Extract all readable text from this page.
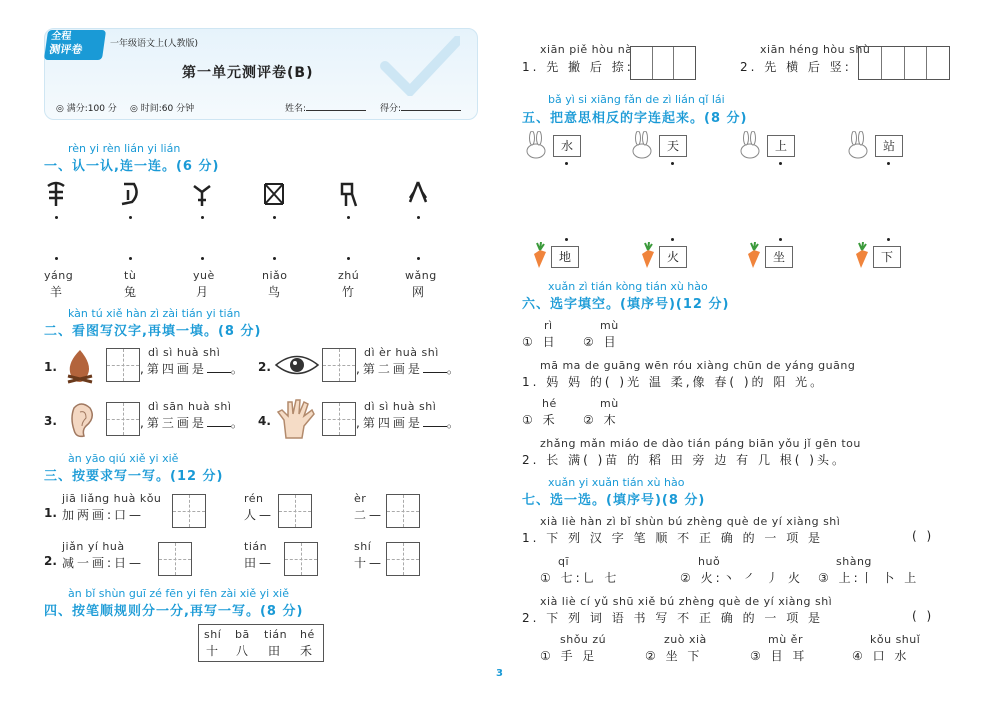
全程
测评卷	一年级语文上(人教版)
第一单元测评卷(B)
◎ 满分:100 分 ◎ 时间:60 分钟	姓名:	得分:
rèn yi rèn lián yi lián
一、认一认,连一连。(6 分)
yáng	tù	yuè	niǎo	zhú	wǎng
羊	兔	月	鸟	竹	网
kàn tú xiě hàn zì zài tián yi tián
二、看图写汉字,再填一填。(8 分)
1.
dì sì huà shì
,第四画是 。 2.
dì èr huà shì
,第二画是 。
3.
dì sān huà shì
,第三画是 。 4.
dì sì huà shì
,第四画是 。
àn yāo qiú xiě yi xiě
三、按要求写一写。(12 分)
jiā liǎng huà kǒu
1. 加两画:口—
rén
人—
èr
二—
jiǎn yí huà
2. 减一画:日—
tián
田—
shí
十—
àn bǐ shùn guī zé fēn yi fēn zài xiě yi xiě
四、按笔顺规则分一分,再写一写。(8 分)
shí bā tián hé
十 八 田 禾
xiān piě hòu nà
1. 先 撇 后 捺:
xiān héng hòu shù
2. 先 横 后 竖:
bǎ yì si xiāng fǎn de zì lián qǐ lái
五、把意思相反的字连起来。(8 分)
水	天	上	站
地	火	坐	下
xuǎn zì tián kòng tián xù hào
六、选字填空。(填序号)(12 分)
rì	mù
① 日 ② 目
mā ma de guāng wēn róu xiàng chūn de yáng guāng
1. 妈 妈 的( )光 温 柔,像 春( )的 阳 光。
hé	mù
① 禾 ② 木
zhǎng mǎn miáo de dào tián páng biān yǒu jǐ gēn tou
2. 长 满( )苗 的 稻 田 旁 边 有 几 根( )头。
xuǎn yi xuǎn tián xù hào
七、选一选。(填序号)(8 分)
xià liè hàn zì bǐ shùn bú zhèng què de yí xiàng shì
1. 下 列 汉 字 笔 顺 不 正 确 的 一 项 是	( )
qī	huǒ	shàng
① 七:乚 七	② 火:丶 ㇒ 丿 火 ③ 上:丨 卜 上
xià liè cí yǔ shū xiě bú zhèng què de yí xiàng shì
2. 下 列 词 语 书 写 不 正 确 的 一 项 是	( )
shǒu zú	zuò xià	mù ěr	kǒu shuǐ
① 手 足	② 坐 下	③ 目 耳	④ 口 水
3
